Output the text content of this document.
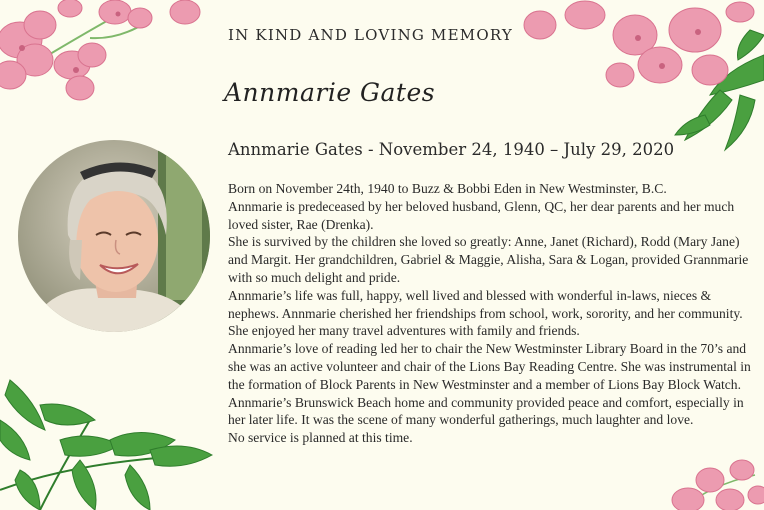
IN KIND AND LOVING MEMORY
Annmarie Gates
Annmarie Gates - November 24, 1940 – July 29, 2020

Born on November 24th, 1940 to Buzz & Bobbi Eden in New Westminster, B.C.

Annmarie is predeceased by her beloved husband, Glenn, QC, her dear parents and her much loved sister, Rae (Drenka).

She is survived by the children she loved so greatly: Anne, Janet (Richard), Rodd (Mary Jane) and Margit. Her grandchildren, Gabriel & Maggie, Alisha, Sara & Logan, provided Grannmarie with so much delight and pride.

Annmarie’s life was full, happy, well lived and blessed with wonderful in-laws, nieces & nephews. Annmarie cherished her friendships from school, work, sorority, and her community. She enjoyed her many travel adventures with family and friends.

Annmarie’s love of reading led her to chair the New Westminster Library Board in the 70’s and she was an active volunteer and chair of the Lions Bay Reading Centre. She was instrumental in the formation of Block Parents in New Westminster and a member of Lions Bay Block Watch.

Annmarie’s Brunswick Beach home and community provided peace and comfort, especially in her later life. It was the scene of many wonderful gatherings, much laughter and love.

No service is planned at this time.
